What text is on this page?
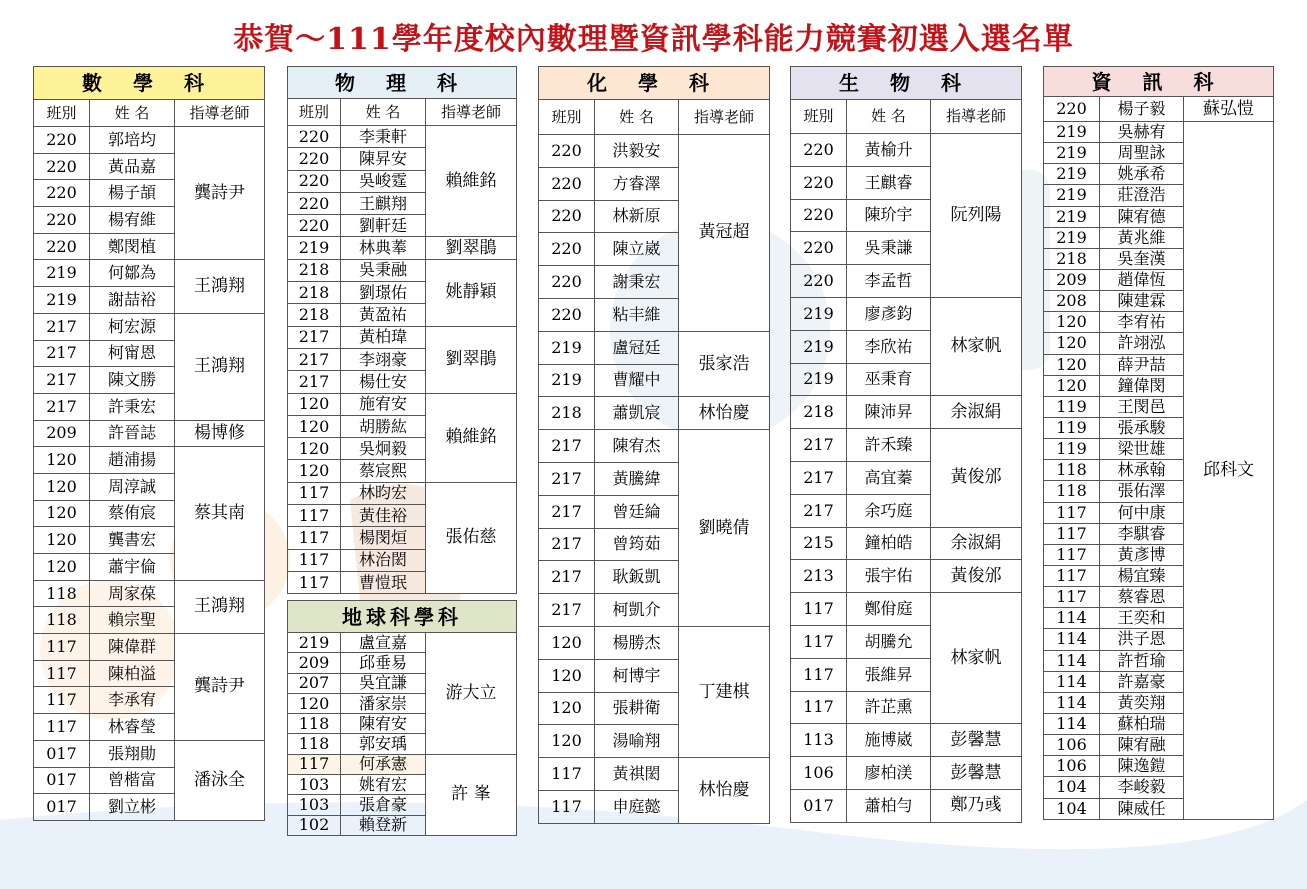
恭賀～111學年度校內數理暨資訊學科能力競賽初選入選名單
數 學 科		
班別	姓 名	指導老師
220	郭培均	龔詩尹
220	黃品嘉	
220	楊子頡	
220	楊宥維	
220	鄭閔植	
219	何鄒為	王鴻翔
219	謝喆裕	
217	柯宏源	王鴻翔
217	柯甯恩	
217	陳文勝	
217	許秉宏	
209	許晉誌	楊博修
120	趙浦揚	蔡其南
120	周淳誠	
120	蔡侑宸	
120	龔書宏	
120	蕭宇倫	
118	周家葆	王鴻翔
118	賴宗聖	
117	陳偉群	龔詩尹
117	陳柏溢	
117	李承宥	
117	林睿瑩	
017	張翔勛	潘泳全
017	曾楷富	
017	劉立彬	
物 理 科		
班別	姓 名	指導老師
220	李秉軒	賴維銘
220	陳昇安	
220	吳峻霆	
220	王麒翔	
220	劉軒廷	
219	林典菶	劉翠鵑
218	吳秉融	姚靜穎
218	劉璟佑	
218	黃盈祐	
217	黃柏瑋	劉翠鵑
217	李翊豪	
217	楊仕安	
120	施宥安	賴維銘
120	胡勝紘	
120	吳炯毅	
120	蔡宸熙	
117	林昀宏	張佑慈
117	黃佳裕	
117	楊閔烜	
117	林治閎	
117	曹愷珉	
地球科學科		
219	盧宣嘉	游大立
209	邱垂易	
207	吳宜謙	
120	潘家崇	
118	陳宥安	
118	郭安瑀	
117	何承憲	許 峯
103	姚宥宏	
103	張倉豪	
102	賴登新	
化 學 科		
班別	姓 名	指導老師
220	洪毅安	黃冠超
220	方睿澤	
220	林新原	
220	陳立崴	
220	謝秉宏	
220	粘丰維	
219	盧冠廷	張家浩
219	曹耀中	
218	蕭凱宸	林怡慶
217	陳宥杰	劉曉倩
217	黃騰緯	
217	曾廷綸	
217	曾筠茹	
217	耿鈑凱	
217	柯凱介	
120	楊勝杰	丁建棋
120	柯博宇	
120	張耕衛	
120	湯喻翔	
117	黃祺閎	林怡慶
117	申庭懿	
生 物 科		
班別	姓 名	指導老師
220	黃榆升	阮列陽
220	王麒睿	
220	陳玠宇	
220	吳秉謙	
220	李孟哲	
219	廖彥鈞	林家帆
219	李欣祐	
219	巫秉育	
218	陳沛昇	余淑絹
217	許禾臻	黃俊邠
217	高宜蓁	
217	余巧庭	
215	鐘柏皓	余淑絹
213	張宇佑	黃俊邠
117	鄭佾庭	林家帆
117	胡騰允	
117	張維昇	
117	許芷熏	
113	施博崴	彭馨慧
106	廖柏渼	彭馨慧
017	蕭柏勻	鄭乃彧
資 訊 科		
220	楊子毅	蘇弘愷
219	吳赫宥	邱科文
219	周聖詠	
219	姚承希	
219	莊澄浩	
219	陳宥德	
219	黃兆維	
218	吳奎漢	
209	趙偉恆	
208	陳建霖	
120	李宥祐	
120	許翊泓	
120	薛尹喆	
120	鐘偉閔	
119	王閔邑	
119	張承駿	
119	梁世雄	
118	林承翰	
118	張佑澤	
117	何中康	
117	李騏睿	
117	黃彥博	
117	楊宜臻	
117	蔡睿恩	
114	王奕和	
114	洪子恩	
114	許哲瑜	
114	許嘉豪	
114	黃奕翔	
114	蘇柏瑞	
106	陳宥融	
106	陳逸鎧	
104	李峻毅	
104	陳威任	
